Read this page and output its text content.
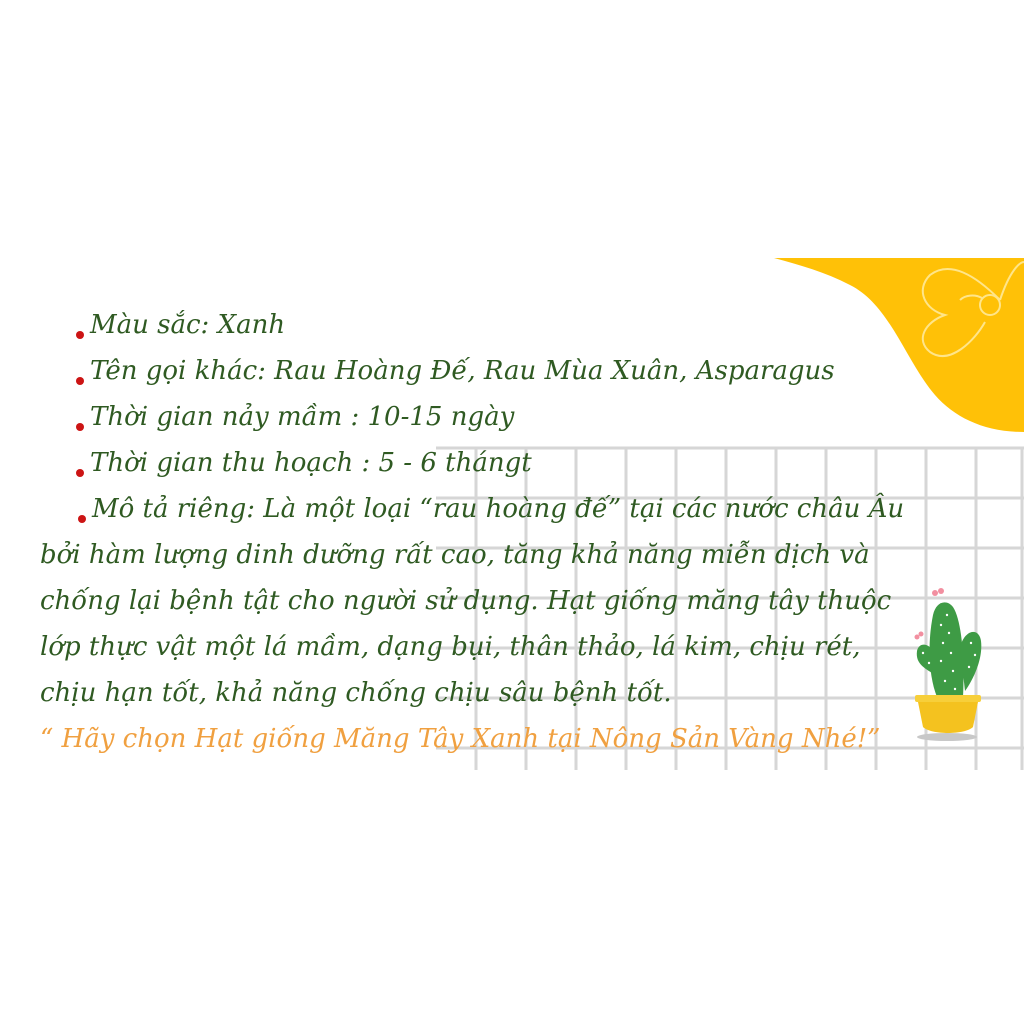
Màu sắc: Xanh
Tên gọi khác: Rau Hoàng Đế, Rau Mùa Xuân, Asparagus
Thời gian nảy mầm : 10-15 ngày
Thời gian thu hoạch : 5 - 6 thángt
Mô tả riêng: Là một loại “rau hoàng đế” tại các nước châu Âu
bởi hàm lượng dinh dưỡng rất cao, tăng khả năng miễn dịch và
chống lại bệnh tật cho người sử dụng. Hạt giống măng tây thuộc
lớp thực vật một lá mầm, dạng bụi, thân thảo, lá kim, chịu rét,
chịu hạn tốt, khả năng chống chịu sâu bệnh tốt.
“ Hãy chọn Hạt giống Măng Tây Xanh tại Nông Sản Vàng Nhé!”
